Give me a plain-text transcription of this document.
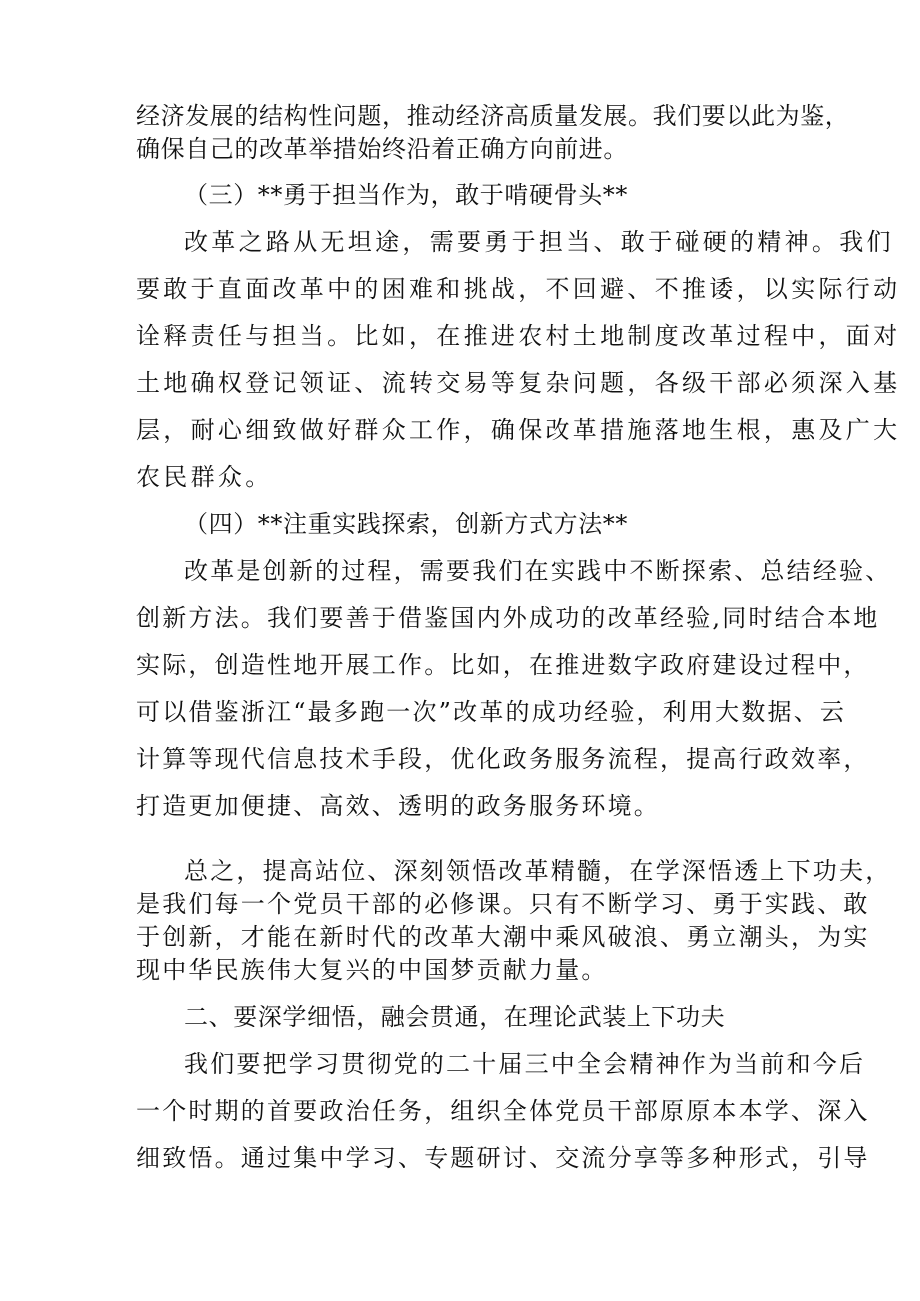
经济发展的结构性问题，推动经济高质量发展。我们要以此为鉴，
确保自己的改革举措始终沿着正确方向前进。
（三）**勇于担当作为，敢于啃硬骨头**
改革之路从无坦途，需要勇于担当、敢于碰硬的精神。我们
要敢于直面改革中的困难和挑战，不回避、不推诿，以实际行动
诠释责任与担当。比如，在推进农村土地制度改革过程中，面对
土地确权登记领证、流转交易等复杂问题，各级干部必须深入基
层，耐心细致做好群众工作，确保改革措施落地生根，惠及广大
农民群众。
（四）**注重实践探索，创新方式方法**
改革是创新的过程，需要我们在实践中不断探索、总结经验、
创新方法。我们要善于借鉴国内外成功的改革经验,同时结合本地
实际，创造性地开展工作。比如，在推进数字政府建设过程中，
可以借鉴浙江“最多跑一次”改革的成功经验，利用大数据、云
计算等现代信息技术手段，优化政务服务流程，提高行政效率，
打造更加便捷、高效、透明的政务服务环境。
总之，提高站位、深刻领悟改革精髓，在学深悟透上下功夫，
是我们每一个党员干部的必修课。只有不断学习、勇于实践、敢
于创新，才能在新时代的改革大潮中乘风破浪、勇立潮头，为实
现中华民族伟大复兴的中国梦贡献力量。
二、要深学细悟，融会贯通，在理论武装上下功夫
我们要把学习贯彻党的二十届三中全会精神作为当前和今后
一个时期的首要政治任务，组织全体党员干部原原本本学、深入
细致悟。通过集中学习、专题研讨、交流分享等多种形式，引导
